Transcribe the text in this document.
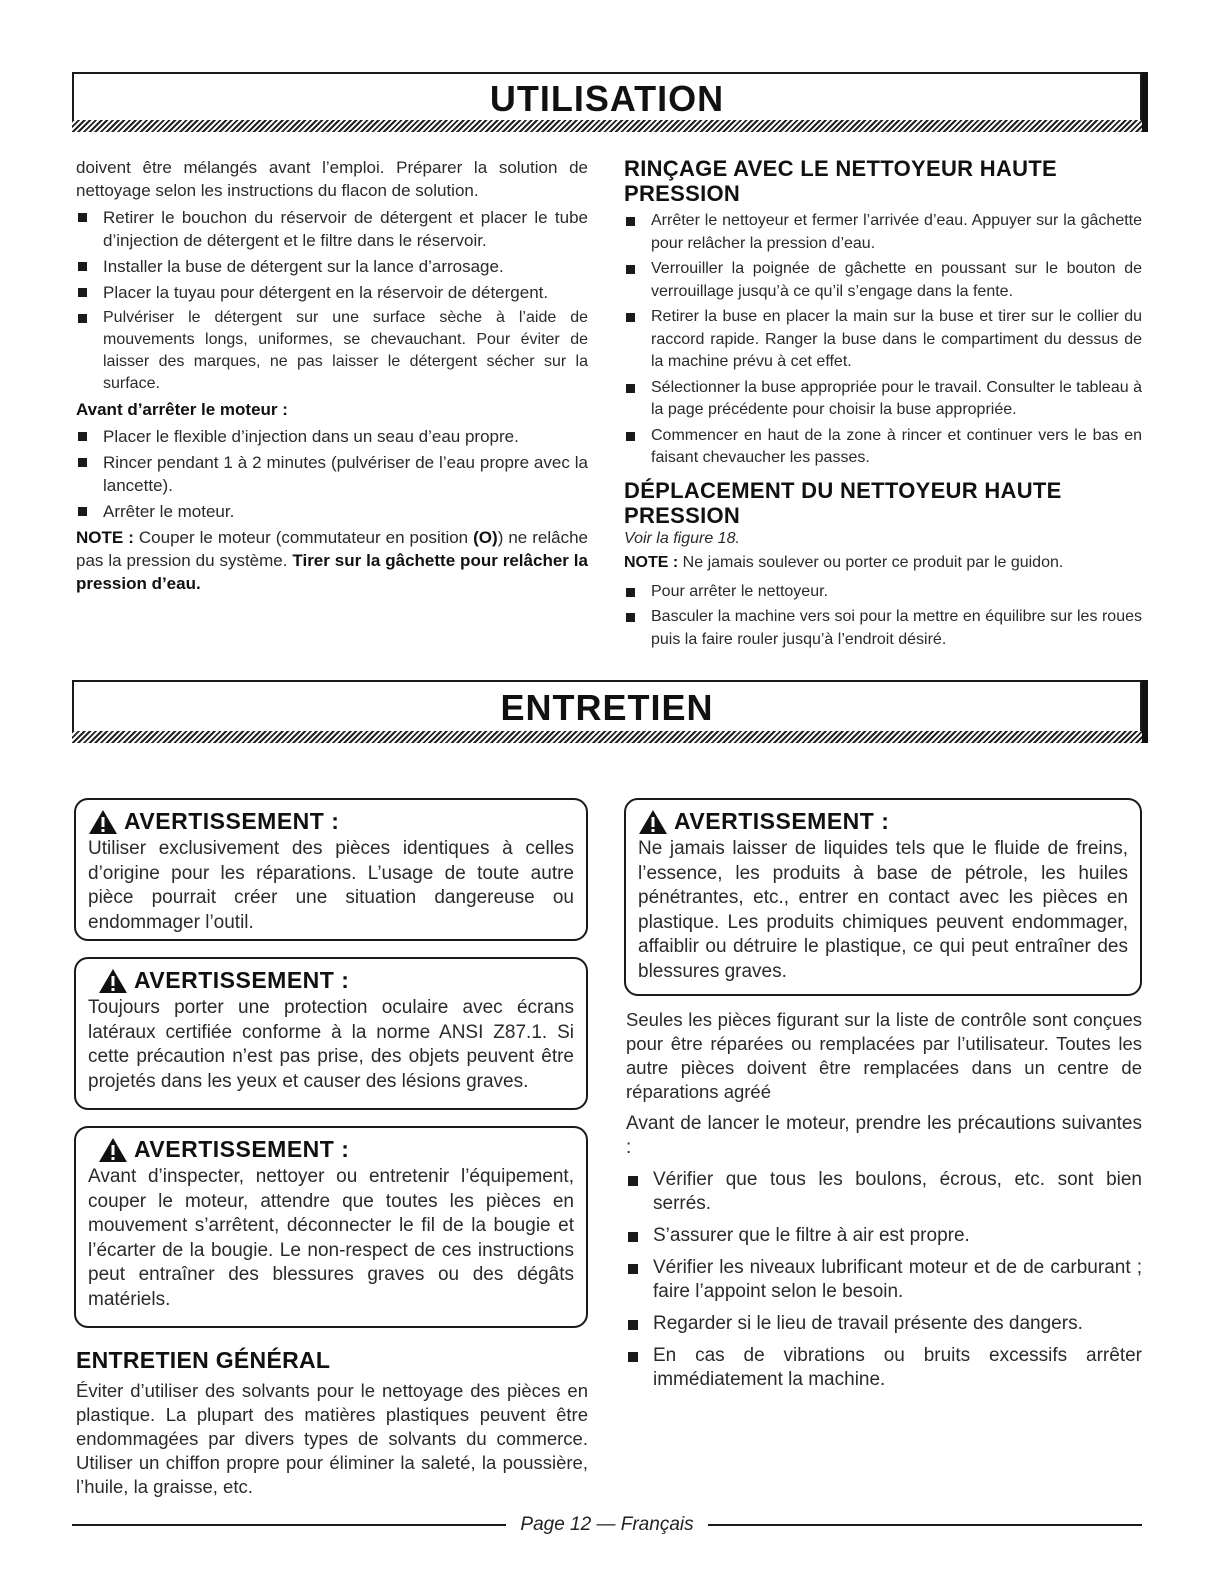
UTILISATION

doivent être mélangés avant l’emploi. Préparer la solution de nettoyage selon les instructions du flacon de solution.

Retirer le bouchon du réservoir de détergent et placer le tube d’injection de détergent et le filtre dans le réservoir.
Installer la buse de détergent sur la lance d’arrosage.
Placer la tuyau pour détergent en la réservoir de détergent.
Pulvériser le détergent sur une surface sèche à l’aide de mouvements longs, uniformes, se chevauchant. Pour éviter de laisser des marques, ne pas laisser le détergent sécher sur la surface.
Avant d’arrêter le moteur :
Placer le flexible d’injection dans un seau d’eau propre.
Rincer pendant 1 à 2 minutes (pulvériser de l’eau propre avec la lancette).
Arrêter le moteur.

NOTE : Couper le moteur (commutateur en position (O)) ne relâche pas la pression du système. Tirer sur la gâchette pour relâcher la pression d’eau.

RINÇAGE AVEC LE NETTOYEUR HAUTE PRESSION
Arrêter le nettoyeur et fermer l’arrivée d’eau. Appuyer sur la gâchette pour relâcher la pression d’eau.
Verrouiller la poignée de gâchette en poussant sur le bouton de verrouillage jusqu’à ce qu’il s’engage dans la fente.
Retirer la buse en placer la main sur la buse et tirer sur le collier du raccord rapide. Ranger la buse dans le compartiment du dessus de la machine prévu à cet effet.
Sélectionner la buse appropriée pour le travail. Consulter le tableau à la page précédente pour choisir la buse appropriée.
Commencer en haut de la zone à rincer et continuer vers le bas en faisant chevaucher les passes.
DÉPLACEMENT DU NETTOYEUR HAUTE PRESSION
Voir la figure 18.

NOTE : Ne jamais soulever ou porter ce produit par le guidon.

Pour arrêter le nettoyeur.
Basculer la machine vers soi pour la mettre en équilibre sur les roues puis la faire rouler jusqu’à l’endroit désiré.
ENTRETIEN
AVERTISSEMENT :
Utiliser exclusivement des pièces identiques à celles d’origine pour les réparations. L’usage de toute autre pièce pourrait créer une situation dangereuse ou endommager l’outil.
AVERTISSEMENT :
Toujours porter une protection oculaire avec écrans latéraux certifiée conforme à la norme ANSI Z87.1. Si cette précaution n’est pas prise, des objets peuvent être projetés dans les yeux et causer des lésions graves.
AVERTISSEMENT :
Avant d’inspecter, nettoyer ou entretenir l’équipement, couper le moteur, attendre que toutes les pièces en mouvement s’arrêtent, déconnecter le fil de la bougie et l’écarter de la bougie. Le non-respect de ces instructions peut entraîner des blessures graves ou des dégâts matériels.
ENTRETIEN GÉNÉRAL

Éviter d’utiliser des solvants pour le nettoyage des pièces en plastique. La plupart des matières plastiques peuvent être endommagées par divers types de solvants du commerce. Utiliser un chiffon propre pour éliminer la saleté, la poussière, l’huile, la graisse, etc.

AVERTISSEMENT :
Ne jamais laisser de liquides tels que le fluide de freins, l’essence, les produits à base de pétrole, les huiles pénétrantes, etc., entrer en contact avec les pièces en plastique. Les produits chimiques peuvent endommager, affaiblir ou détruire le plastique, ce qui peut entraîner des blessures graves.

Seules les pièces figurant sur la liste de contrôle sont conçues pour être réparées ou remplacées par l’utilisateur. Toutes les autre pièces doivent être remplacées dans un centre de réparations agréé

Avant de lancer le moteur, prendre les précautions suivantes :

Vérifier que tous les boulons, écrous, etc. sont bien serrés.
S’assurer que le filtre à air est propre.
Vérifier les niveaux lubrificant moteur et de de carburant ; faire l’appoint selon le besoin.
Regarder si le lieu de travail présente des dangers.
En cas de vibrations ou bruits excessifs arrêter immédiatement la machine.
Page 12 — Français
